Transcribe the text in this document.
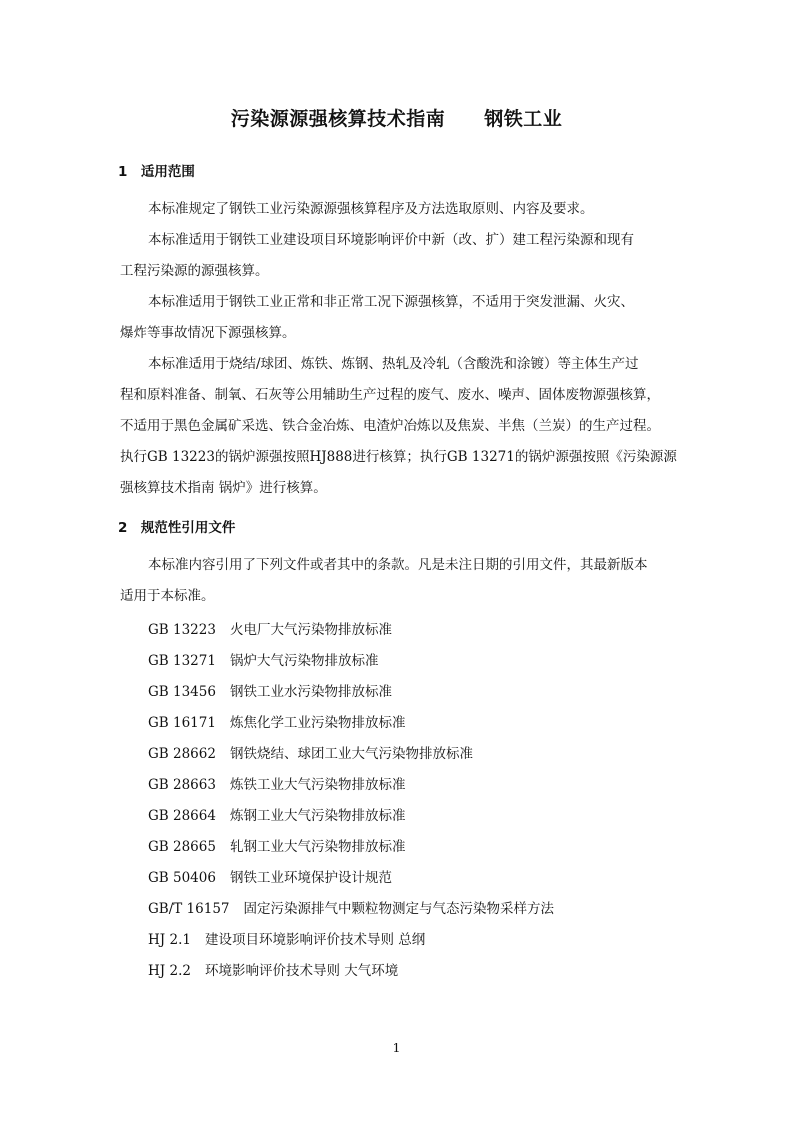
污染源源强核算技术指南　　钢铁工业
1　适用范围
本标准规定了钢铁工业污染源源强核算程序及方法选取原则、内容及要求。
本标准适用于钢铁工业建设项目环境影响评价中新（改、扩）建工程污染源和现有
工程污染源的源强核算。
本标准适用于钢铁工业正常和非正常工况下源强核算，不适用于突发泄漏、火灾、
爆炸等事故情况下源强核算。
本标准适用于烧结/球团、炼铁、炼钢、热轧及冷轧（含酸洗和涂镀）等主体生产过
程和原料准备、制氧、石灰等公用辅助生产过程的废气、废水、噪声、固体废物源强核算，
不适用于黑色金属矿采选、铁合金冶炼、电渣炉冶炼以及焦炭、半焦（兰炭）的生产过程。
执行GB 13223的锅炉源强按照HJ888进行核算；执行GB 13271的锅炉源强按照《污染源源
强核算技术指南 锅炉》进行核算。
2　规范性引用文件
本标准内容引用了下列文件或者其中的条款。凡是未注日期的引用文件，其最新版本
适用于本标准。
GB 13223 火电厂大气污染物排放标准
GB 13271 锅炉大气污染物排放标准
GB 13456 钢铁工业水污染物排放标准
GB 16171 炼焦化学工业污染物排放标准
GB 28662 钢铁烧结、球团工业大气污染物排放标准
GB 28663 炼铁工业大气污染物排放标准
GB 28664 炼钢工业大气污染物排放标准
GB 28665 轧钢工业大气污染物排放标准
GB 50406 钢铁工业环境保护设计规范
GB/T 16157 固定污染源排气中颗粒物测定与气态污染物采样方法
HJ 2.1 建设项目环境影响评价技术导则 总纲
HJ 2.2 环境影响评价技术导则 大气环境
1
